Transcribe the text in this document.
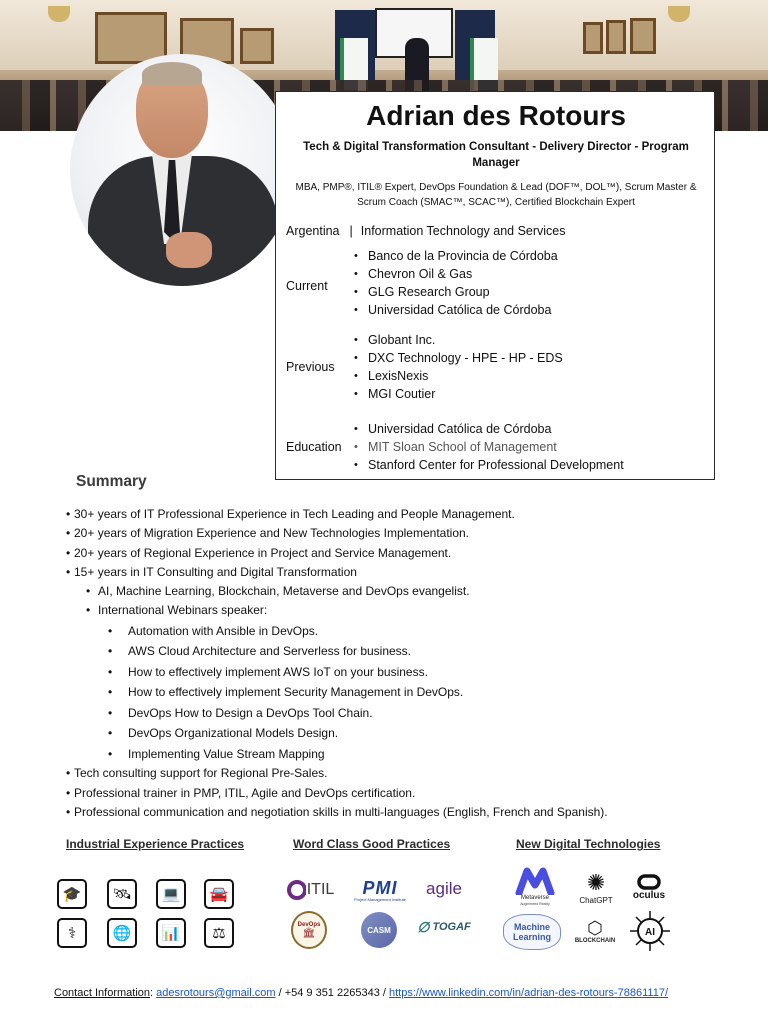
Adrian des Rotours
Tech & Digital Transformation Consultant - Delivery Director - Program Manager
MBA, PMP®, ITIL® Expert, DevOps Foundation & Lead (DOF™, DOL™), Scrum Master & Scrum Coach (SMAC™, SCAC™), Certified Blockchain Expert
Argentina | Information Technology and Services
Current
• Banco de la Provincia de Córdoba
• Chevron Oil & Gas
• GLG Research Group
• Universidad Católica de Córdoba
Previous
• Globant Inc.
• DXC Technology - HPE - HP - EDS
• LexisNexis
• MGI Coutier
Education
• Universidad Católica de Córdoba
• MIT Sloan School of Management
• Stanford Center for Professional Development
Summary
• 30+ years of IT Professional Experience in Tech Leading and People Management.
• 20+ years of Migration Experience and New Technologies Implementation.
• 20+ years of Regional Experience in Project and Service Management.
• 15+ years in IT Consulting and Digital Transformation
• AI, Machine Learning, Blockchain, Metaverse and DevOps evangelist.
• International Webinars speaker:
• Automation with Ansible in DevOps.
• AWS Cloud Architecture and Serverless for business.
• How to effectively implement AWS IoT on your business.
• How to effectively implement Security Management in DevOps.
• DevOps How to Design a DevOps Tool Chain.
• DevOps Organizational Models Design.
• Implementing Value Stream Mapping
• Tech consulting support for Regional Pre-Sales.
• Professional trainer in PMP, ITIL, Agile and DevOps certification.
• Professional communication and negotiation skills in multi-languages (English, French and Spanish).
Industrial Experience Practices	Word Class Good Practices	New Digital Technologies
🎓	🛰	💻	🚘
⚕	🌐	📊	⚖
ITIL PMI
Project Management Institute
agile
DevOps
🏛	CASM ∅ TOGAF
Metaverse
Augmented Reality
✺
ChatGPT oculus
Machine Learning ⬡
BLOCKCHAIN
AI
Contact Information: adesrotours@gmail.com / +54 9 351 2265343 / https://www.linkedin.com/in/adrian-des-rotours-78861117/
